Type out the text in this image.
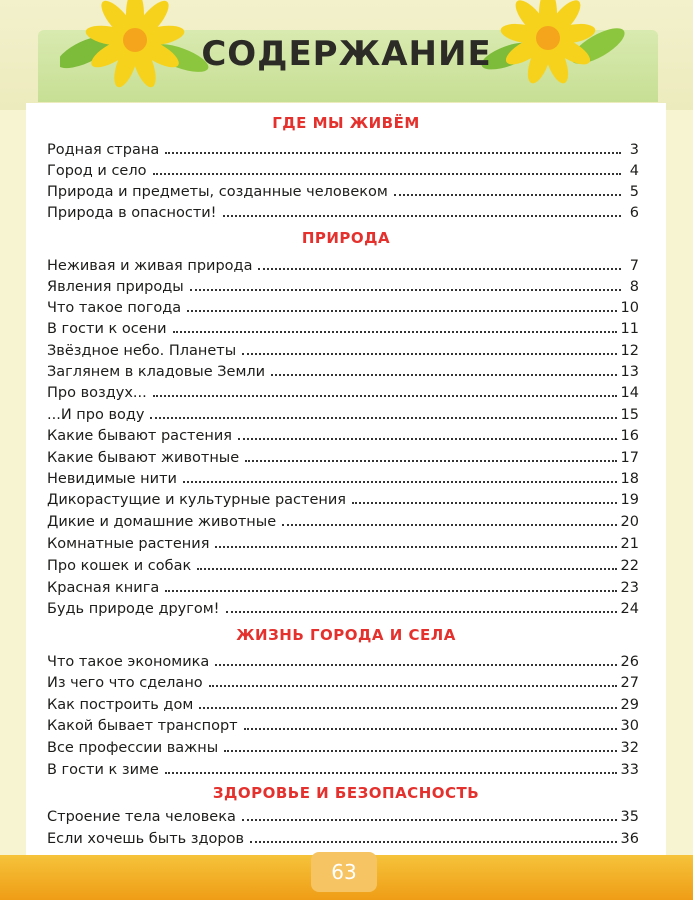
СОДЕРЖАНИЕ
ГДЕ МЫ ЖИВЁМ
Родная страна	3
Город и село	4
Природа и предметы, созданные человеком	5
Природа в опасности!	6
ПРИРОДА
Неживая и живая природа	7
Явления природы	8
Что такое погода	10
В гости к осени	11
Звёздное небо. Планеты	12
Заглянем в кладовые Земли	13
Про воздух...	14
...И про воду	15
Какие бывают растения	16
Какие бывают животные	17
Невидимые нити	18
Дикорастущие и культурные растения	19
Дикие и домашние животные	20
Комнатные растения	21
Про кошек и собак	22
Красная книга	23
Будь природе другом!	24
ЖИЗНЬ ГОРОДА И СЕЛА
Что такое экономика	26
Из чего что сделано	27
Как построить дом	29
Какой бывает транспорт	30
Все профессии важны	32
В гости к зиме	33
ЗДОРОВЬЕ И БЕЗОПАСНОСТЬ
Строение тела человека	35
Если хочешь быть здоров	36
63
